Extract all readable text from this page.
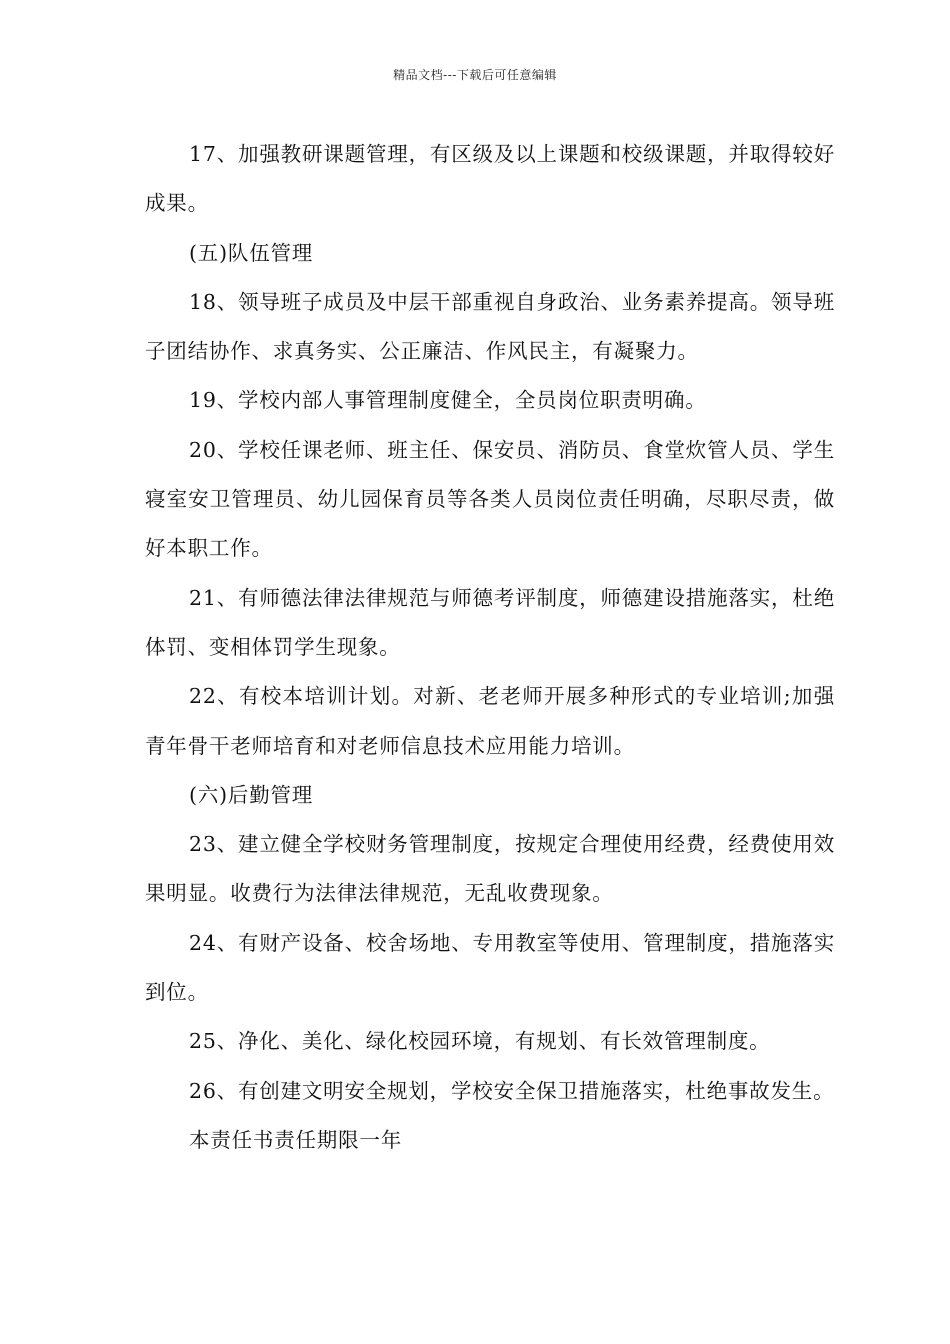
精品文档---下载后可任意编辑

17、加强教研课题管理，有区级及以上课题和校级课题，并取得较好成果。

(五)队伍管理

18、领导班子成员及中层干部重视自身政治、业务素养提高。领导班子团结协作、求真务实、公正廉洁、作风民主，有凝聚力。

19、学校内部人事管理制度健全，全员岗位职责明确。

20、学校任课老师、班主任、保安员、消防员、食堂炊管人员、学生寝室安卫管理员、幼儿园保育员等各类人员岗位责任明确，尽职尽责，做好本职工作。

21、有师德法律法律规范与师德考评制度，师德建设措施落实，杜绝体罚、变相体罚学生现象。

22、有校本培训计划。对新、老老师开展多种形式的专业培训;加强青年骨干老师培育和对老师信息技术应用能力培训。

(六)后勤管理

23、建立健全学校财务管理制度，按规定合理使用经费，经费使用效果明显。收费行为法律法律规范，无乱收费现象。

24、有财产设备、校舍场地、专用教室等使用、管理制度，措施落实到位。

25、净化、美化、绿化校园环境，有规划、有长效管理制度。

26、有创建文明安全规划，学校安全保卫措施落实，杜绝事故发生。

本责任书责任期限一年
